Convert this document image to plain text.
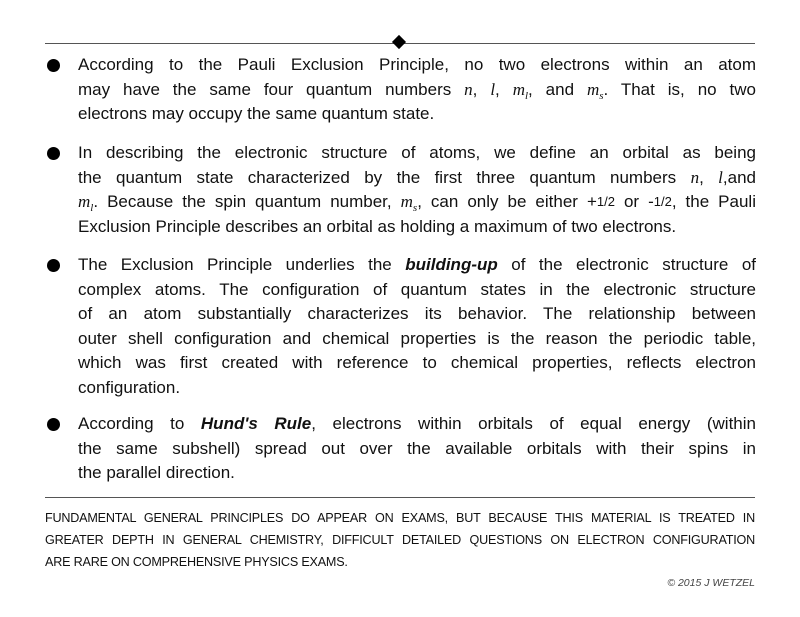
According to the Pauli Exclusion Principle, no two electrons within an atom
may have the same four quantum numbers n, l, $m_l$, and $m_s$. That is, no two
electrons may occupy the same quantum state.
In describing the electronic structure of atoms, we define an orbital as being
the quantum state characterized by the first three quantum numbers n, l,and
$m_l$. Because the spin quantum number, $m_s$, can only be either +1/2 or -1/2, the Pauli
Exclusion Principle describes an orbital as holding a maximum of two electrons.
The Exclusion Principle underlies the building-up of the electronic structure of
complex atoms. The configuration of quantum states in the electronic structure
of an atom substantially characterizes its behavior. The relationship between
outer shell configuration and chemical properties is the reason the periodic table,
which was first created with reference to chemical properties, reflects electron
configuration.
According to Hund's Rule, electrons within orbitals of equal energy (within
the same subshell) spread out over the available orbitals with their spins in
the parallel direction.
FUNDAMENTAL GENERAL PRINCIPLES DO APPEAR ON EXAMS, BUT BECAUSE THIS MATERIAL IS TREATED IN
GREATER DEPTH IN GENERAL CHEMISTRY, DIFFICULT DETAILED QUESTIONS ON ELECTRON CONFIGURATION
ARE RARE ON COMPREHENSIVE PHYSICS EXAMS.
© 2015 J WETZEL
